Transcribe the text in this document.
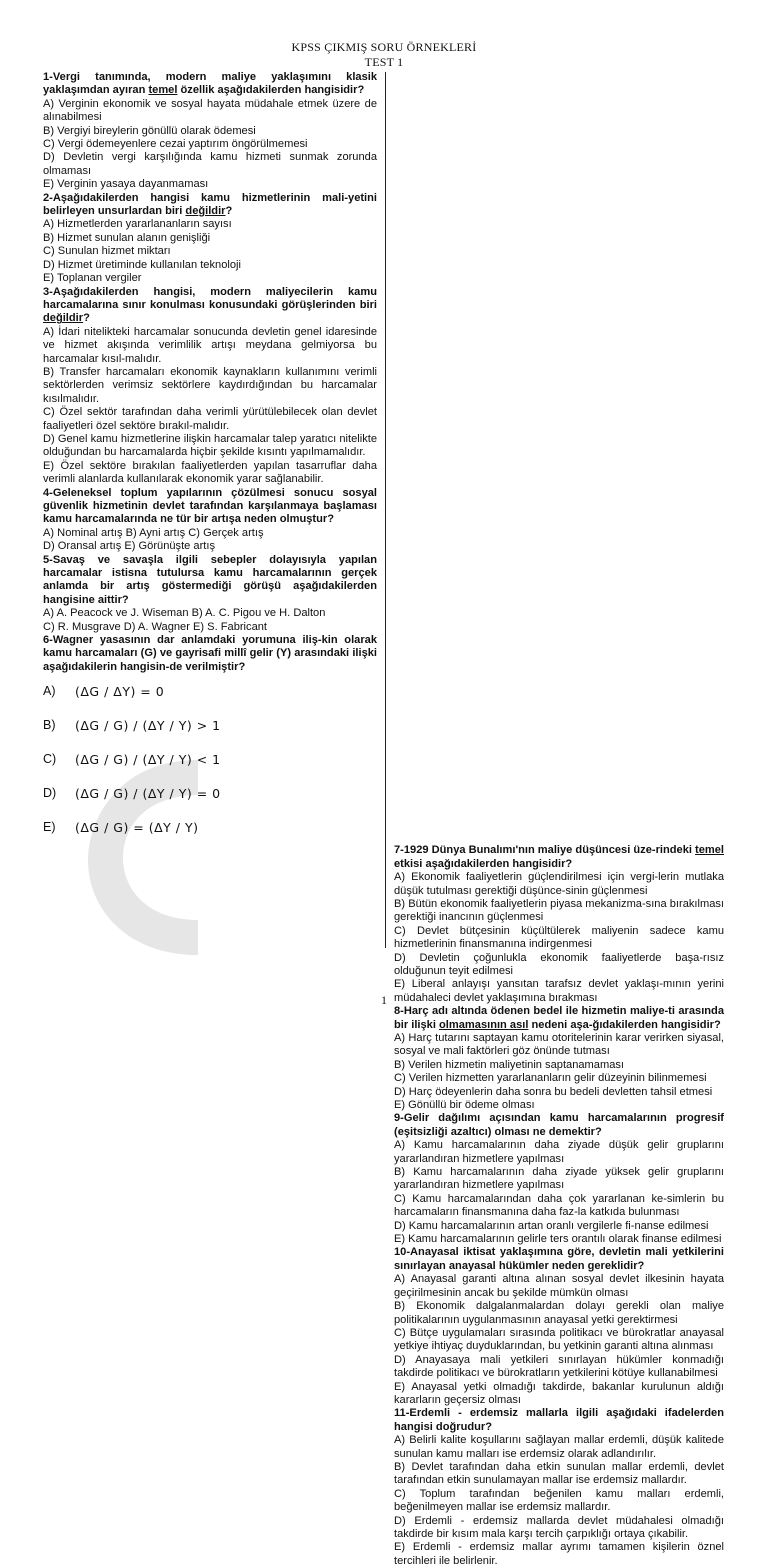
KPSS ÇIKMIŞ SORU ÖRNEKLERİ
TEST 1
1-Vergi tanımında, modern maliye yaklaşımını klasik yaklaşımdan ayıran temel özellik aşağıdakilerden hangisidir?
A) Verginin ekonomik ve sosyal hayata müdahale etmek üzere de alınabilmesi
B) Vergiyi bireylerin gönüllü olarak ödemesi
C) Vergi ödemeyenlere cezai yaptırım öngörülmemesi
D) Devletin vergi karşılığında kamu hizmeti sunmak zorunda olmaması
E) Verginin yasaya dayanmaması
2-Aşağıdakilerden hangisi kamu hizmetlerinin mali-yetini belirleyen unsurlardan biri değildir?
A) Hizmetlerden yararlananların sayısı
B) Hizmet sunulan alanın genişliği
C) Sunulan hizmet miktarı
D) Hizmet üretiminde kullanılan teknoloji
E) Toplanan vergiler
3-Aşağıdakilerden hangisi, modern maliyecilerin kamu harcamalarına sınır konulması konusundaki görüşlerinden biri değildir?
A) İdari nitelikteki harcamalar sonucunda devletin genel idaresinde ve hizmet akışında verimlilik artışı meydana gelmiyorsa bu harcamalar kısıl-malıdır.
B) Transfer harcamaları ekonomik kaynakların kullanımını verimli sektörlerden verimsiz sektörlere kaydırdığından bu harcamalar kısılmalıdır.
C) Özel sektör tarafından daha verimli yürütülebilecek olan devlet faaliyetleri özel sektöre bırakıl-malıdır.
D) Genel kamu hizmetlerine ilişkin harcamalar talep yaratıcı nitelikte olduğundan bu harcamalarda hiçbir şekilde kısıntı yapılmamalıdır.
E) Özel sektöre bırakılan faaliyetlerden yapılan tasarruflar daha verimli alanlarda kullanılarak ekonomik yarar sağlanabilir.
4-Geleneksel toplum yapılarının çözülmesi sonucu sosyal güvenlik hizmetinin devlet tarafından karşılanmaya başlaması kamu harcamalarında ne tür bir artışa neden olmuştur?
A) Nominal artış B) Ayni artış C) Gerçek artış
D) Oransal artış E) Görünüşte artış
5-Savaş ve savaşla ilgili sebepler dolayısıyla yapılan harcamalar istisna tutulursa kamu harcamalarının gerçek anlamda bir artış göstermediği görüşü aşağıdakilerden hangisine aittir?
A) A. Peacock ve J. Wiseman B) A. C. Pigou ve H. Dalton
C) R. Musgrave D) A. Wagner E) S. Fabricant
6-Wagner yasasının dar anlamdaki yorumuna iliş-kin olarak kamu harcamaları (G) ve gayrisafi millî gelir (Y) arasındaki ilişki aşağıdakilerin hangisin-de verilmiştir?
A)	(ΔG / ΔY) = 0
B)	(ΔG / G) / (ΔY / Y) > 1
C)	(ΔG / G) / (ΔY / Y) < 1
D)	(ΔG / G) / (ΔY / Y) = 0
E)	(ΔG / G) = (ΔY / Y)
7-1929 Dünya Bunalımı'nın maliye düşüncesi üze-rindeki temel etkisi aşağıdakilerden hangisidir?
A) Ekonomik faaliyetlerin güçlendirilmesi için vergi-lerin mutlaka düşük tutulması gerektiği düşünce-sinin güçlenmesi
B) Bütün ekonomik faaliyetlerin piyasa mekanizma-sına bırakılması gerektiği inancının güçlenmesi
C) Devlet bütçesinin küçültülerek maliyenin sadece kamu hizmetlerinin finansmanına indirgenmesi
D) Devletin çoğunlukla ekonomik faaliyetlerde başa-rısız olduğunun teyit edilmesi
E) Liberal anlayışı yansıtan tarafsız devlet yaklaşı-mının yerini müdahaleci devlet yaklaşımına bırakması
8-Harç adı altında ödenen bedel ile hizmetin maliye-ti arasında bir ilişki olmamasının asıl nedeni aşa-ğıdakilerden hangisidir?
A) Harç tutarını saptayan kamu otoritelerinin karar verirken siyasal, sosyal ve mali faktörleri göz önünde tutması
B) Verilen hizmetin maliyetinin saptanamaması
C) Verilen hizmetten yararlananların gelir düzeyinin bilinmemesi
D) Harç ödeyenlerin daha sonra bu bedeli devletten tahsil etmesi
E) Gönüllü bir ödeme olması
9-Gelir dağılımı açısından kamu harcamalarının progresif (eşitsizliği azaltıcı) olması ne demektir?
A) Kamu harcamalarının daha ziyade düşük gelir gruplarını yararlandıran hizmetlere yapılması
B) Kamu harcamalarının daha ziyade yüksek gelir gruplarını yararlandıran hizmetlere yapılması
C) Kamu harcamalarından daha çok yararlanan ke-simlerin bu harcamaların finansmanına daha faz-la katkıda bulunması
D) Kamu harcamalarının artan oranlı vergilerle fi-nanse edilmesi
E) Kamu harcamalarının gelirle ters orantılı olarak finanse edilmesi
10-Anayasal iktisat yaklaşımına göre, devletin mali yetkilerini sınırlayan anayasal hükümler neden gereklidir?
A) Anayasal garanti altına alınan sosyal devlet ilkesinin hayata geçirilmesinin ancak bu şekilde mümkün olması
B) Ekonomik dalgalanmalardan dolayı gerekli olan maliye politikalarının uygulanmasının anayasal yetki gerektirmesi
C) Bütçe uygulamaları sırasında politikacı ve bürokratlar anayasal yetkiye ihtiyaç duyduklarından, bu yetkinin garanti altına alınması
D) Anayasaya mali yetkileri sınırlayan hükümler konmadığı takdirde politikacı ve bürokratların yetkilerini kötüye kullanabilmesi
E) Anayasal yetki olmadığı takdirde, bakanlar kurulunun aldığı kararların geçersiz olması
11-Erdemli - erdemsiz mallarla ilgili aşağıdaki ifadelerden hangisi doğrudur?
A) Belirli kalite koşullarını sağlayan mallar erdemli, düşük kalitede sunulan kamu malları ise erdemsiz olarak adlandırılır.
B) Devlet tarafından daha etkin sunulan mallar erdemli, devlet tarafından etkin sunulamayan mallar ise erdemsiz mallardır.
C) Toplum tarafından beğenilen kamu malları erdemli, beğenilmeyen mallar ise erdemsiz mallardır.
D) Erdemli - erdemsiz mallarda devlet müdahalesi olmadığı takdirde bir kısım mala karşı tercih çarpıklığı ortaya çıkabilir.
E) Erdemli - erdemsiz mallar ayrımı tamamen kişilerin öznel tercihleri ile belirlenir.
1
